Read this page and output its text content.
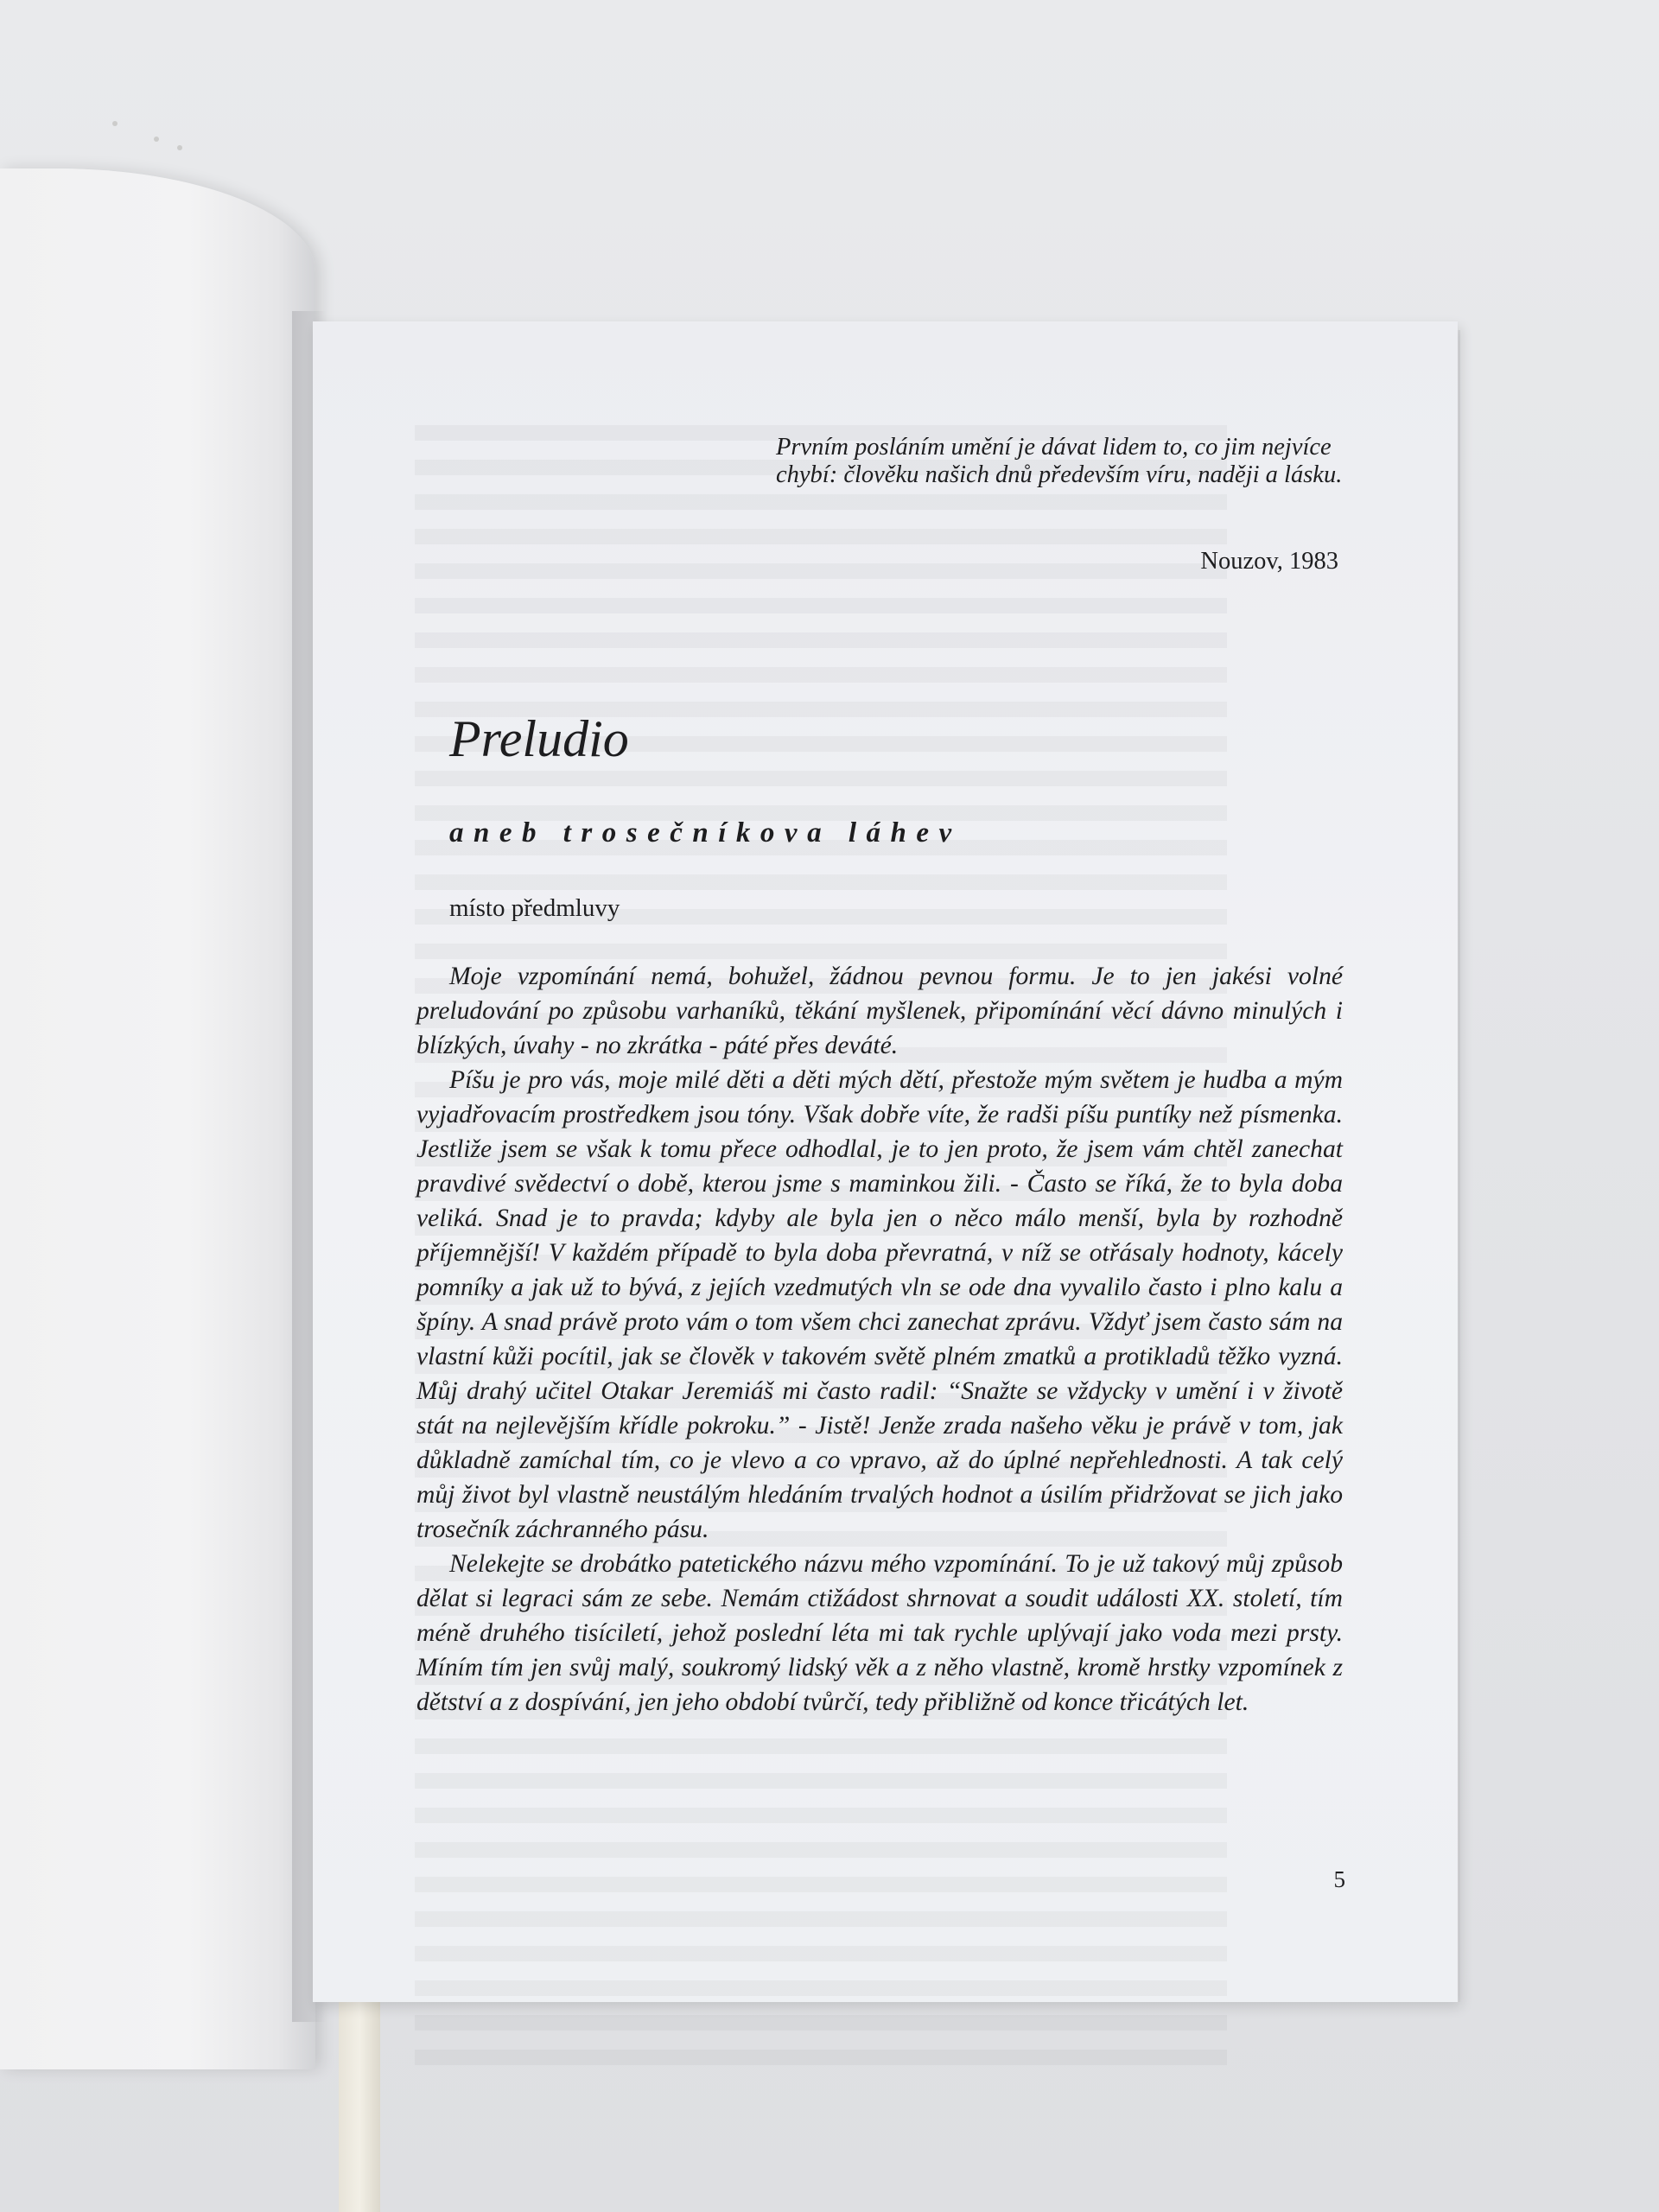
Prvním posláním umění je dávat lidem to, co jim nejvíce chybí: člověku našich dnů především víru, naději a lásku.

Nouzov, 1983
Preludio
aneb trosečníkova láhev
místo předmluvy

Moje vzpomínání nemá, bohužel, žádnou pevnou formu. Je to jen jakési volné preludování po způsobu varhaníků, těkání myšlenek, připomínání věcí dávno minulých i blízkých, úvahy - no zkrátka - páté přes deváté.

Píšu je pro vás, moje milé děti a děti mých dětí, přestože mým světem je hudba a mým vyjadřovacím prostředkem jsou tóny. Však dobře víte, že radši píšu puntíky než písmenka. Jestliže jsem se však k tomu přece odhodlal, je to jen proto, že jsem vám chtěl zanechat pravdivé svědectví o době, kterou jsme s maminkou žili. - Často se říká, že to byla doba veliká. Snad je to pravda; kdyby ale byla jen o něco málo menší, byla by rozhodně příjemnější! V každém případě to byla doba převratná, v níž se otřásaly hodnoty, kácely pomníky a jak už to bývá, z jejích vzedmutých vln se ode dna vyvalilo často i plno kalu a špíny. A snad právě proto vám o tom všem chci zanechat zprávu. Vždyť jsem často sám na vlastní kůži pocítil, jak se člověk v takovém světě plném zmatků a protikladů těžko vyzná. Můj drahý učitel Otakar Jeremiáš mi často radil: “Snažte se vždycky v umění i v životě stát na nejlevějším křídle pokroku.” - Jistě! Jenže zrada našeho věku je právě v tom, jak důkladně zamíchal tím, co je vlevo a co vpravo, až do úplné nepřehlednosti. A tak celý můj život byl vlastně neustálým hledáním trvalých hodnot a úsilím přidržovat se jich jako trosečník záchranného pásu.

Nelekejte se drobátko patetického názvu mého vzpomínání. To je už takový můj způsob dělat si legraci sám ze sebe. Nemám ctižádost shrnovat a soudit události XX. století, tím méně druhého tisíciletí, jehož poslední léta mi tak rychle uplývají jako voda mezi prsty. Míním tím jen svůj malý, soukromý lidský věk a z něho vlastně, kromě hrstky vzpomínek z dětství a z dospívání, jen jeho období tvůrčí, tedy přibližně od konce třicátých let.

5
